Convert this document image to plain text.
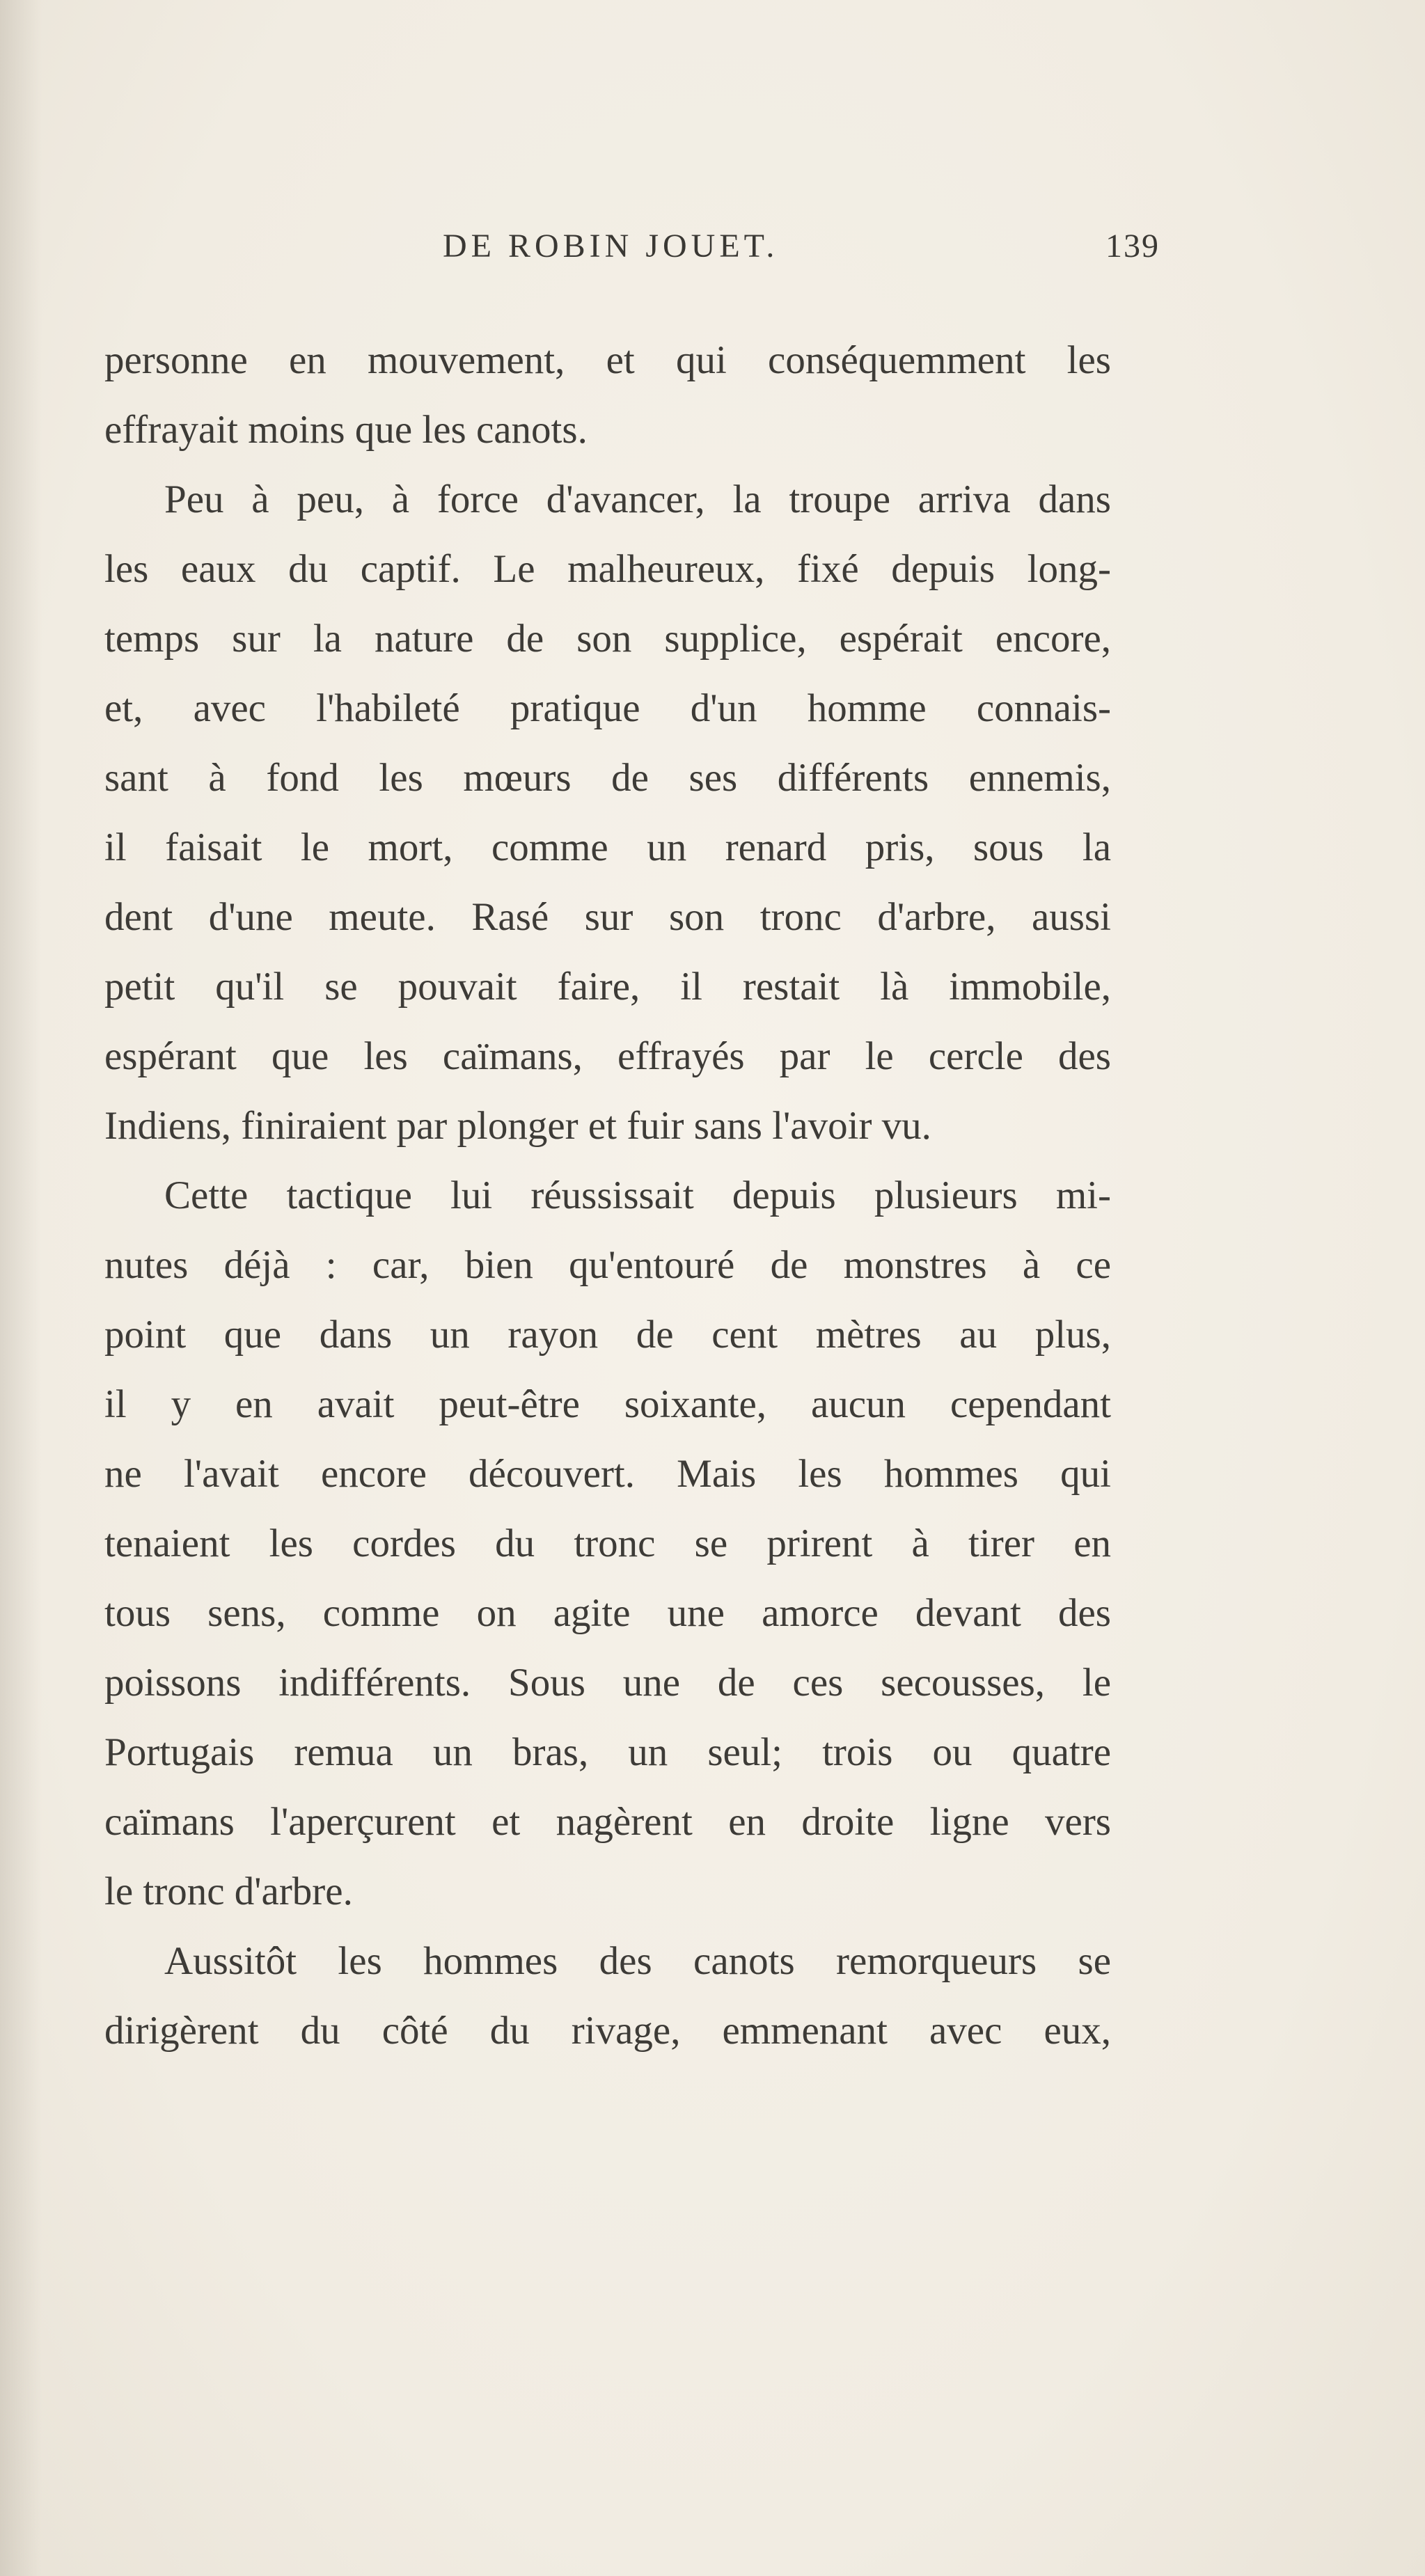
DE ROBIN JOUET.	139
personne en mouvement, et qui conséquemment les
effrayait moins que les canots.
Peu à peu, à force d'avancer, la troupe arriva dans
les eaux du captif. Le malheureux, fixé depuis long-
temps sur la nature de son supplice, espérait encore,
et, avec l'habileté pratique d'un homme connais-
sant à fond les mœurs de ses différents ennemis,
il faisait le mort, comme un renard pris, sous la
dent d'une meute. Rasé sur son tronc d'arbre, aussi
petit qu'il se pouvait faire, il restait là immobile,
espérant que les caïmans, effrayés par le cercle des
Indiens, finiraient par plonger et fuir sans l'avoir vu.
Cette tactique lui réussissait depuis plusieurs mi-
nutes déjà : car, bien qu'entouré de monstres à ce
point que dans un rayon de cent mètres au plus,
il y en avait peut-être soixante, aucun cependant
ne l'avait encore découvert. Mais les hommes qui
tenaient les cordes du tronc se prirent à tirer en
tous sens, comme on agite une amorce devant des
poissons indifférents. Sous une de ces secousses, le
Portugais remua un bras, un seul; trois ou quatre
caïmans l'aperçurent et nagèrent en droite ligne vers
le tronc d'arbre.
Aussitôt les hommes des canots remorqueurs se
dirigèrent du côté du rivage, emmenant avec eux,
